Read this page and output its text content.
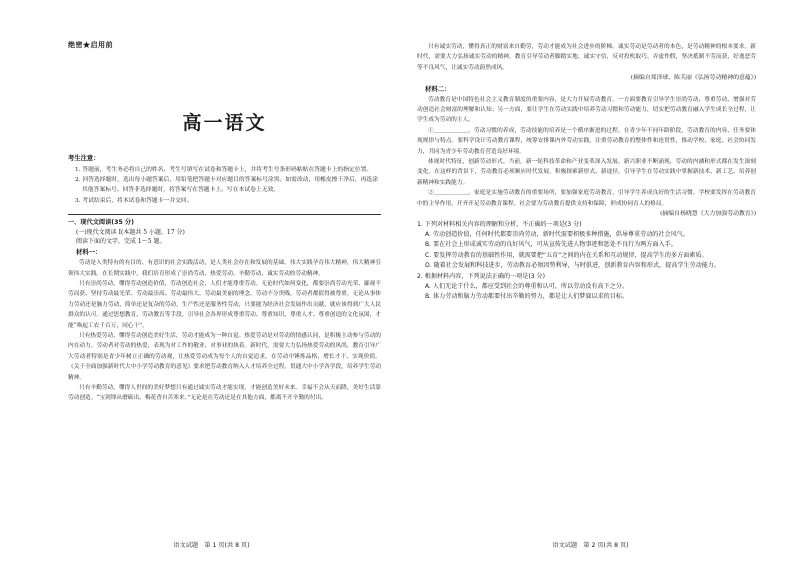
绝密★启用前

高一语文

考生注意：

1. 答题前，考生务必将自己的姓名、考生号填写在试卷和答题卡上，并将考生号条形码粘贴在答题卡上的指定位置。

2. 回答选择题时，选出每小题答案后，用铅笔把答题卡对应题目的答案标号涂黑。如需改动，用橡皮擦干净后，再选涂其他答案标号。回答非选择题时，将答案写在答题卡上。写在本试卷上无效。

3. 考试结束后，将本试卷和答题卡一并交回。

一、现代文阅读(35 分)

(一)现代文阅读 I(本题共 5 小题，17 分)

阅读下面的文字，完成 1～5 题。

材料一：

劳动是人类特有的有目的、有意识的社会实践活动，是人类社会存在和发展的基础。伟大实践孕育伟大精神，伟大精神引领伟大实践。在长期实践中，我们培育形成了崇尚劳动、热爱劳动、辛勤劳动、诚实劳动的劳动精神。

只有崇尚劳动，懂得劳动创造价值、劳动创造社会，人们才能尊重劳动。无论时代如何变化，都要崇尚劳动光荣、鄙视不劳而获、坚持劳动最光荣、劳动最崇高、劳动最伟大、劳动最美丽的理念。劳动不分贵贱，劳动者都值得被尊重。无论从事体力劳动还是脑力劳动，简单还是复杂的劳动，生产性还是服务性劳动，只要能为经济社会发展作出贡献，就应该得到广大人民群众的认可。通过思想教育、劳动教育等手段，引导社会各界形成尊重劳动、尊重知识、尊重人才、尊重创造的文化氛围，才能“唤起工农千百万，同心干”。

只有热爱劳动，懂得劳动创造美好生活，劳动才能成为一种自觉。热爱劳动是对劳动的情感认同，是积极主动参与劳动的内在动力。劳动者对劳动的热爱，表现为对工作的敬业、对事业的执着。新时代，需要大力弘扬热爱劳动的风尚，教育引导广大劳动者特别是青少年树立正确的劳动观，让热爱劳动成为每个人的自觉追求，在劳动中锤炼品格、增长才干、实现价值。《关于全面加强新时代大中小学劳动教育的意见》要求把劳动教育纳入人才培养全过程，贯通大中小学各学段，培养学生劳动精神。

只有辛勤劳动，懂得人世间的美好梦想只有通过诚实劳动才能实现，才能创造美好未来。幸福不会从天而降，美好生活靠劳动创造。“宝剑锋从磨砺出，梅花香自苦寒来。”无论是在劳动还是在其他方面，都离不开辛勤的付出。

语文试题　第 1 页(共 8 页)

只有诚实劳动，懂得真正的财富来自勤劳，劳动才能成为社会进步的阶梯。诚实劳动是劳动者的本色，是劳动精神的根本要求。新时代，需要大力弘扬诚实劳动的精神，教育引导劳动者脚踏实地、诚实守信，反对投机取巧、弄虚作假，坚决抵制不劳而获、好逸恶劳等不良风气，让诚实劳动蔚然成风。

(摘编自郑泽球、陈芙丽《弘扬劳动精神的意蕴》)

材料二：

劳动教育是中国特色社会主义教育制度的重要内容，是大力开展劳动教育，一方面要教育引导学生崇尚劳动、尊重劳动，增强对劳动创造社会财富的理解和认知；另一方面，要让学生在劳动实践中培养劳动习惯和劳动能力，切实把劳动教育融入学生成长全过程，让学生成为劳动的主人。

①＿＿＿＿＿＿。劳动习惯的养成，劳动技能的培养是一个循序渐进的过程。在青少年不同年龄阶段，劳动教育的内容、任务要体现规律与特点。要科学设计劳动教育课程，统筹安排课内外劳动实践，注重劳动教育的整体性和连贯性，推动学校、家庭、社会协同发力，共同为青少年劳动教育营造良好环境。

体现时代特征，创新劳动形式。当前，新一轮科技革命和产业变革深入发展，新兴职业不断涌现，劳动的内涵和形式都在发生深刻变化。在这样的背景下，劳动教育必须顺应时代发展，积极探索新形式、新途径，引导学生在劳动实践中掌握新技术、新工艺，培养创新精神和实践能力。

②＿＿＿＿＿＿。家庭是实施劳动教育的重要场所，要加强家庭劳动教育，引导学生养成良好的生活习惯。学校要发挥在劳动教育中的主导作用，开齐开足劳动教育课程。社会要为劳动教育提供支持和保障，形成协同育人的格局。

(摘编自杨晓慧《大力加强劳动教育》)

1. 下列对材料相关内容的理解和分析，不正确的一项是(3 分)

A. 劳动创造价值，任何时代都要崇尚劳动，新时代需要积极多种措施，倡导尊重劳动的社会风气。

B. 要在社会上形成诚实劳动的良好风气，可从宣传先进人物事迹和惩处不良行为两方面入手。

C. 要发挥劳动教育的基础性作用，就需要把“五育”之间的内在关系和互动规律，提高学生的多方面素质。

D. 随着社会发展和科技进步，劳动教育必须因势利导，与时俱进，创新教育内容和形式，提高学生劳动能力。

2. 根据材料内容，下列说法正确的一项是(3 分)

A. 人们无论干什么，都应受到社会的尊重和认可，所以劳动没有高下之分。

B. 体力劳动和脑力劳动都要付出辛勤的努力，都是让人们梦寐以求的目标。

语文试题　第 2 页(共 8 页)
